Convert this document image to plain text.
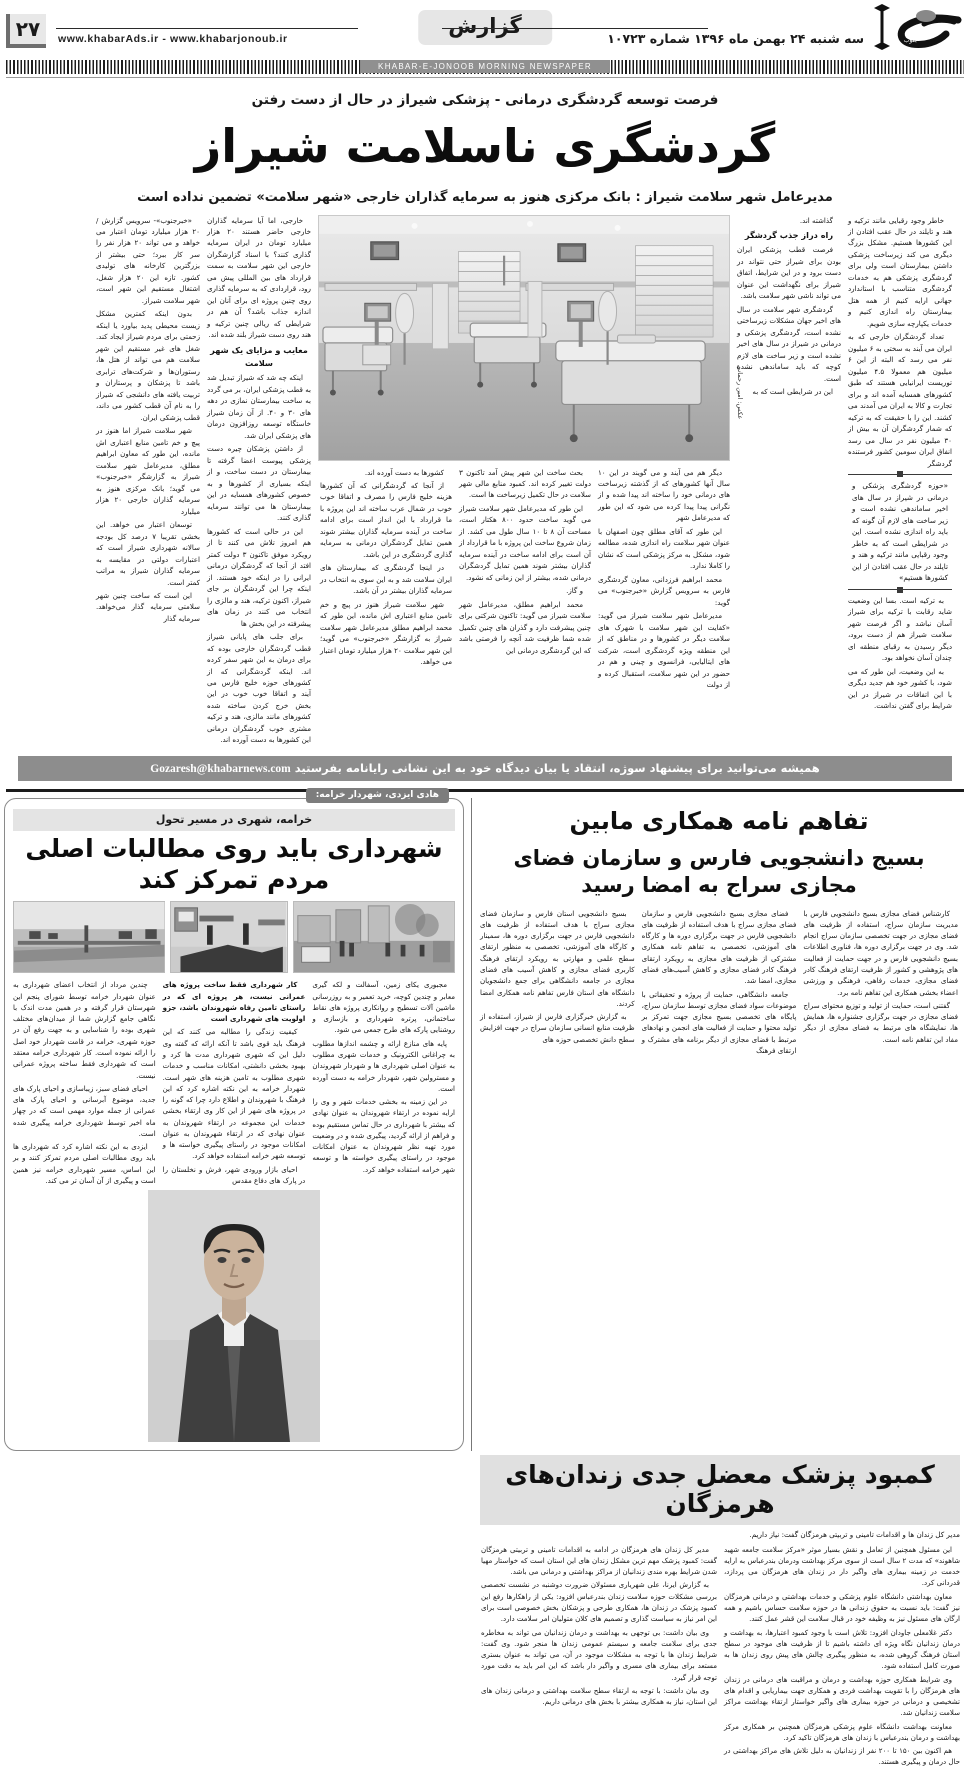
۲۷	www.khabarAds.ir - www.khabarjonoub.ir
گزارش
سه شنبه ۲۴ بهمن ماه ۱۳۹۶ شماره ۱۰۷۲۳	جنوب
KHABAR-E-JONOOB MORNING NEWSPAPER
فرصت توسعه گردشگری درمانی - پزشکی شیراز در حال از دست رفتن
گردشگری ناسلامت شیراز
مدیرعامل شهر سلامت شیراز : بانک مرکزی هنوز به سرمایه گذاران خارجی «شهر سلامت» تضمین نداده است

خاطر وجود رقبایی مانند ترکیه و هند و تایلند در حال عقب افتادن از این کشورها هستیم. مشکل بزرگ دیگری می کند زیرساخت پزشکی داشتن بیمارستان است ولی برای گردشگری پزشکی هم به خدمات گردشگری متناسب با استاندارد جهانی ارایه کنیم از همه هتل بیمارستان راه اندازی کنیم و خدمات یکپارچه سازی شویم.

تعداد گردشگران خارجی که به ایران می آیند به سختی به ۶ میلیون نفر می رسد که البته از این ۶ میلیون هم معمولا ۴.۵ میلیون توریست ایرانیایی هستند که طبق کشورهای همسایه آمده اند و برای تجارت و کالا به ایران می آمدند می کشند. این را با حقیقت که به ترکیه که شمار گردشگران آن به بیش از ۳۰ میلیون نفر در سال می رسد انفاق ایران سومین کشور فرستنده گردشگر

«حوزه گردشگری پزشکی و درمانی در شیراز در سال های اخیر ساماندهی نشده است و زیر ساخت های لازم آن گونه که باید راه اندازی نشده است. این در شرایطی است که به خاطر وجود رقبایی مانند ترکیه و هند و تایلند در حال عقب افتادن از این کشورها هستیم»

به ترکیه است. بسا این وضعیت شاید رقابت با ترکیه برای شیراز آسان نباشد و اگر فرصت شهر سلامت شیراز هم از دست برود، دیگر رسیدن به رقبای منطقه ای چندان آسان نخواهد بود.

به این وضعیت، این طور که می شود، با کشور خود هم جدید دیگری با این اتفاقات در شیراز در این شرایط برای گفتن نداشت.

گذاشته اند.

راه دراز جذب گردشگر

فرصت قطب پزشکی ایران بودن برای شیراز حتی نتواند در دست برود و در این شرایط، اتفاق شیراز برای نگهداشت این عنوان می تواند ناشی شهر سلامت باشد.

گردشگری شهر سلامت در سال های اخیر جهان مشکلات زیرساختی نشده است، گردشگری پزشکی و درمانی در شیراز در سال های اخیر نشده است و زیر ساخت های لازم کوچه که باید ساماندهی نشده است.

این در شرایطی است که به

عکس: امین رحمانی

دیگر هم می آیند و می گویند در این ۱۰ سال آنها کشورهای که از گذشته زیرساخت های درمانی خود را ساخته اند پیدا شده و از نگرانی پیدا پیدا کرده می شود که این طور که مدیرعامل شهر

این طور که آقای مطلق چون اصفهان با عنوان شهر سلامت راه اندازی شده، مطالعه شود، مشکل به مرکز پزشکی است که نشان را کاملا ندارد.

محمد ابراهیم فرزدانی، معاون گردشگری فارس به سرویس گزارش «خبرجنوب» می گوید:

مدیرعامل شهر سلامت شیراز می گوید: «کفایت این شهر سلامت با شهرک های سلامت دیگر در کشورها و در مناطق که از این منطقه ویژه گردشگری است، شرکت های ایتالیایی، فرانسوی و چینی و هم در حضور در این شهر سلامت، استقبال کرده و از دولت

بحث ساخت این شهر پیش آمد تاکنون ۳ دولت تغییر کرده اند. کمبود منابع مالی شهر سلامت در حال تکمیل زیرساخت ها است.

این طور که مدیرعامل شهر سلامت شیراز می گوید ساخت حدود ۸۰۰ هکتار است، مساحت آن ۸ تا ۱۰ سال طول می کشد. از زمان شروع ساخت این پروژه با ما قرارداد از آن است برای ادامه ساخت در آینده سرمایه گذاران بیشتر شوند همین تمایل گردشگران درمانی شده، بیشتر از این زمانی که نشود.

و گاز.

محمد ابراهیم مطلق، مدیرعامل شهر سلامت شیراز می گوید: تاکنون شرکتی برای چنین پیشرفت دارد و گذران های چنین تکمیل شده شما ظرفیت شد آنچه را فرصتی باشد که این گردشگری درمانی این

کشورها به دست آورده اند.

از آنجا که گردشگرانی که آن کشورها هزینه خلیج فارس را مصرف و اتفاقا خوب خوب در شمال عرب ساخته اند این پروژه با ما قرارداد با این انداز است برای ادامه ساخت در آینده سرمایه گذاران بیشتر شوند همین تمایل گردشگران درمانی به سرمایه گذاری گردشگری در این باشد.

در اینجا گردشگری که بیمارستان های ایران سلامت شد و به این سوی به انتخاب در سرمایه گذاران بیشتر در آن باشد.

شهر سلامت شیراز هنوز در پیچ و خم تامین منابع اعتباری اش مانده، این طور که محمد ابراهیم مطلق مدیرعامل شهر سلامت شیراز به گزارشگر «خبرجنوب» می گوید؛ این شهر سلامت ۲۰ هزار میلیارد تومان اعتبار می خواهد.

خارجی، اما آیا سرمایه گذاران خارجی حاضر هستند ۲۰ هزار میلیارد تومان در ایران سرمایه گذاری کنند؟ با اسناد گزارشگران خارجی این شهر سلامت به سمت قرارداد های بین المللی پیش می رود، قراردادی که به سرمایه گذاری روی چنین پروژه ای برای آنان این اندازه جذاب باشد؟ آن هم در شرایطی که ریالی چنین ترکیه و هند روی دست شیراز بلند شده اند.

معایب و مزایای یک شهر سلامت

اینکه چه شد که شیراز تبدیل شد به قطب پزشکی ایران، بر می گردد به ساخت بیمارستان نمازی در دهه های ۳۰ و ۴۰. از آن زمان شیراز خاستگاه توسعه روزافزون درمان های پزشکی ایران شد.

از داشتن پزشکان چیره دست پزشکی پیوست اعضا گرفته تا بیمارستان در دست ساخت، و از اینکه بسیاری از کشورها و به خصوص کشورهای همسایه در این بیمارستان ها می توانند سرمایه گذاری کنند.

این در حالی است که کشورها هم امروز تلاش می کنند تا از رویکرد موفق تاکنون ۳ دولت کمتر افتد از آنجا که گردشگران درمانی ایرانی را در اینکه خود هستند. از اینکه چرا این گردشگران بر جای شیراز، اکنون ترکیه، هند و مالزی را انتخاب می کنند در زمان های پیشرفته در این بخش ها

برای جلب های پایانی شیراز قطب گردشگران خارجی بوده که برای درمان به این شهر سفر کرده اند. اینکه گردشگرانی که از کشورهای حوزه خلیج فارس می آیند و اتفاقا خوب خوب در این بخش خرج کردن ساخته شده کشورهای مانند مالزی، هند و ترکیه مشتری خوب گردشگران درمانی این کشورها به دست آورده اند.

«خبرجنوب»- سرویس گزارش / ۲۰ هزار میلیارد تومان اعتبار می خواهد و می تواند ۲۰ هزار نفر را سر کار ببرد؛ حتی بیشتر از بزرگترین کارخانه های تولیدی کشور. تازه این ۲۰ هزار شغل، اشتغال مستقیم این شهر است، شهر سلامت شیراز.

بدون اینکه کمترین مشکل زیست محیطی پدید بیاورد یا اینکه زحمتی برای مردم شیراز ایجاد کند. شغل های غیر مستقیم این شهر سلامت هم می تواند از هتل ها، رستوران‌ها و شرکت‌های ترابری باشد تا پزشکان و پرستاران و تربیت یافته های دانشجی که شیراز را به نام آن قطب کشور می داند، قطب پزشکی ایران.

شهر سلامت شیراز اما هنوز در پیچ و خم تامین منابع اعتباری اش مانده، این طور که معاون ابراهیم مطلق، مدیرعامل شهر سلامت شیراز به گزارشگر «خبرجنوب» می گوید؛ بانک مرکزی هنوز به سرمایه گذاران خارجی ۲۰ هزار میلیارد

توسعان اعتبار می خواهد. این بخشی تقریبا ۷ درصد کل بودجه سالانه شهرداری شیراز است که اعتبارات دولتی در مقایسه به سرمایه گذاران شیراز به مراتب کمتر است.

این است که ساخت چنین شهر سلامتی سرمایه گذار می‌خواهد. سرمایه گذار

همیشه می‌توانید برای پیشنهاد سوژه، انتقاد یا بیان دیدگاه خود به این نشانی رایانامه بفرستید Gozaresh@khabarnews.com
تفاهم نامه همکاری مابین
بسیج دانشجویی فارس و سازمان فضای مجازی سراج به امضا رسید

کارشناس فضای مجازی بسیج دانشجویی فارس با مدیریت سازمان سراج، استفاده از ظرفیت های فضای مجازی در جهت تخصصی سازمان سراج انجام شد. وی در جهت برگزاری دوره ها، فناوری اطلاعات بسیج دانشجویی فارس و در جهت حمایت از فعالیت های پژوهشی و کشور از ظرفیت ارتقای فرهنگ کادر فضای مجازی، خدمات رفاهی، فرهنگی و ورزشی اعضاء بخشی همکاری این تفاهم نامه برد.

گفتنی است، حمایت از تولید و توزیع محتوای سراج فضای مجازی در جهت برگزاری جشنواره ها، همایش ها، نمایشگاه های مرتبط به فضای مجازی از دیگر مفاد این تفاهم نامه است.

فضای مجازی بسیج دانشجویی فارس و سازمان فضای مجازی سراج با هدف استفاده از ظرفیت های دانشجویی فارس در جهت برگزاری دوره ها و کارگاه های آموزشی، تخصصی به تفاهم نامه همکاری مشترکی از ظرفیت های مجازی به رویکرد ارتقای فرهنگ کادر فضای مجازی و کاهش آسیب‌های فضای مجازی، امضا شد.

جامعه دانشگاهی، حمایت از پروژه و تحقیقاتی با موضوعات سواد فضای مجازی توسط سازمان سراج، پایگاه های تخصصی بسیج مجازی جهت تمرکز بر تولید محتوا و حمایت از فعالیت های انجمن و نهادهای مرتبط با فضای مجازی از دیگر برنامه های مشترک و ارتقای فرهنگ

بسیج دانشجویی استان فارس و سازمان فضای مجازی سراج با هدف استفاده از ظرفیت های دانشجویی فارس در جهت برگزاری دوره ها، سمینار و کارگاه های آموزشی، تخصصی به منظور ارتقای سطح علمی و مهارتی به رویکرد ارتقای فرهنگ کاربری فضای مجازی و کاهش آسیب های فضای مجازی در جامعه دانشگاهی برای جمع دانشجویان دانشگاه های استان فارس تفاهم نامه همکاری امضا کردند.

به گزارش خبرگزاری فارس از شیراز، استفاده از ظرفیت منابع انسانی سازمان سراج در جهت افزایش سطح دانش تخصصی حوزه های

هادی ایزدی، شهردار خرامه:
خرامه، شهری در مسیر تحول
شهرداری باید روی مطالبات اصلی مردم تمرکز کند

مجبوری یکای زمین، آسفالت و لکه گیری معابر و چندین کوچه، خرید تعمیر و به روزرسانی ماشین آلات تسطیح و روانکاری پروژه های نقاط ساختمانی، پرتره شهرداری و بازسازی و روشنایی پارکه های طرح جمعی می شود.

پایه های منازع ارائه و چشمه اندازها مطلوب به چراغانی الکترونیک و خدمات شهری مطلوب به عنوان اصلی شهرداری ها و شهردار شهروندان و مسترولین شهر، شهردار خرامه به دست آورده است.

در این زمینه به بخشی خدمات شهر و وی را ارایه نموده در ارتقاء شهروندان به عنوان نهادی که بیشتر با شهرداری در حال تماس مستقیم بوده و فراهم از ارائه گردید، پیگیری شده و در وضعیت مورد تهیه نظر شهروندان به عنوان امکانات موجود در راستای پیگیری خواسته ها و توسعه شهر خرامه استفاده خواهد کرد.

کار شهرداری فقط ساخت پروژه های عمرانی نیست، هر پروژه ای که در راستای تامین رفاه شهروندان باشد، جزو اولویت های شهرداری است

کیفیت زندگی را مطالبه می کنند که این فرهنگ باید قوی باشد تا آنکه ارائه که گفته وی دلیل این که شهری شهرداری مدت ها کرد و بهبود بخشی دانشتی، امکانات مناسب و خدمات شهری مطلوب به تامین هزینه های شهر است. شهردار خرامه به این نکته اشاره کرد که این فرهنگ با شهروندان و اطلاع دارد چرا که گونه را در پروژه های شهر از این کار وی ارتقاء بخشی خدمات این مجموعه در ارتقاء شهروندان به عنوان نهادی که در ارتقاء شهروندان به عنوان امکانات موجود در راستای پیگیری خواسته ها و توسعه شهر خرامه استفاده خواهد کرد.

احیای بازار ورودی شهر، فرش و نخلستان را در پارک های دفاع مقدس

چندین مرداد از انتخاب اعضای شهرداری به عنوان شهردار خرامه توسط شورای پنجم این شهرستان قرار گرفته و در همین مدت اندک با نگاهی جامع گزارش شما از میدان‌های مختلف شهری بوده را شناسایی و به جهت رفع آن در حوزه شهری، خرامه در قامت شهردار خود اصل را ارائه نموده است. کار شهرداری خرامه معتقد است که شهرداری فقط ساخته پروژه عمرانی نیست.

احیای فضای سبز، زیباسازی و احیای پارک های جدید، موضوع آبرسانی و احیای پارک های عمرانی از جمله موارد مهمی است که در چهار ماه اخیر توسط شهرداری خرامه پیگیری شده است.

ایزدی به این نکته اشاره کرد که شهرداری ها باید روی مطالبات اصلی مردم تمرکز کنند و بر این اساس، مسیر شهرداری خرامه نیز همین است و پیگیری از آن آسان تر می کند.

کمبود پزشک معضل جدی زندان‌های هرمزگان
مدیر کل زندان ها و اقدامات تامینی و تربیتی هرمزگان گفت: نیاز داریم.

این مسئول همچنین از تعامل و نقش بسیار موثر «مرکز سلامت جامعه شهید شاهوند» که مدت ۲ سال است از سوی مرکز بهداشت ودرمان بندرعباس به ارایه خدمت در زمینه بیماری های واگیر دار در زندان های هرمزگان می پردازد، قدردانی کرد.

معاون بهداشتی دانشگاه علوم پزشکی و خدمات بهداشتی و درمانی هرمزگان نیز گفت: باید نسبت به حقوق زندانی ها در حوزه سلامت حساس باشیم و همه ارگان های مسئول نیز به وظیفه خود در قبال سلامت این قشر عمل کنند.

دکتر غلامعلی جاودان افزود: تلاش است با وجود کمبود اعتبارها، به بهداشت و درمان زندانیان نگاه ویژه ای داشته باشیم تا از ظرفیت های موجود در سطح استان فرهنگ گروهی شده، به منظور پیگیری چالش های پیش روی زندان ها به صورت کامل استفاده شود.

وی شرایط همکاری حوزه بهداشت و درمان و مراقبت های درمانی در زندان های هرمزگان را با تقویت بهداشت فردی و همکاری جهت بیماریابی و اقدام های تشخیصی و درمانی در حوزه بیماری های واگیر خواستار ارتقاء بهداشت مراکز سلامت زندانیان شد.

معاونت بهداشت دانشگاه علوم پزشکی هرمزگان همچنین بر همکاری مرکز بهداشت و درمان بندرعباس با زندان های هرمزگان تاکید کرد.

هم اکنون بین ۱۵۰ تا ۲۰۰ نفر از زندانیان به دلیل تلاش های مراکز بهداشتی در حال درمان و پیگیری هستند.

مدیر کل زندان های هرمزگان در ادامه به اقدامات تامینی و تربیتی هرمزگان گفت: کمبود پزشک مهم ترین مشکل زندان های این استان است که خواستار مهیا شدن شرایط بهره مندی زندانیان از مراکز بهداشتی و درمانی می باشد.

به گزارش ایرنا، علی شهریاری مسئولان ضرورت دوشنبه در نشست تخصصی بررسی مشکلات حوزه سلامت زندان بندرعباس افزود: یکی از راهکارها رفع این کمبود پزشک در زندان ها، همکاری طرحی و پزشکان بخش خصوصی است برای این امر نیاز به سیاست گذاری و تصمیم های کلان متولیان امر سلامت دارد.

وی بیان داشت: بی توجهی به بهداشت و درمان زندانیان می تواند به مخاطره جدی برای سلامت جامعه و سیستم عمومی زندان ها منجر شود. وی گفت: شرایط زندان ها با توجه به مشکلات موجود در آن، می تواند به عنوان بستری مستعد برای بیماری های مسری و واگیر دار باشد که این امر باید به دقت مورد توجه قرار گیرد.

وی بیان داشت: با توجه به ارتقاء سطح سلامت بهداشتی و درمانی زندان های این استان، نیاز به همکاری بیشتر با بخش های درمانی داریم.
